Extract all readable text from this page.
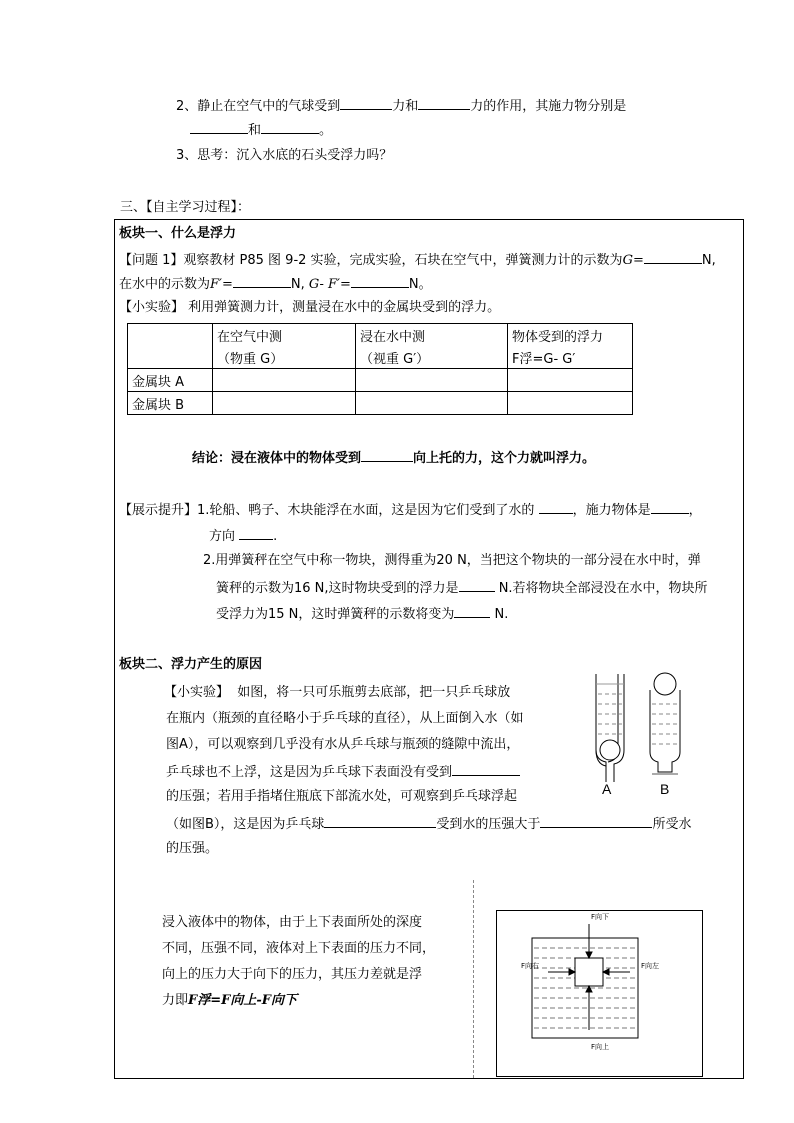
2、静止在空气中的气球受到	力和	力的作用，其施力物分别是
和	。
3、思考：沉入水底的石头受浮力吗？
三、【自主学习过程】：
板块一、什么是浮力
【问题 1】观察教材 P85 图 9-2 实验，完成实验，石块在空气中，弹簧测力计的示数为G=	N,
在水中的示数为F′=	N, G- F′=	N。
【小实验】 利用弹簧测力计，测量浸在水中的金属块受到的浮力。
	在空气中测	浸在水中测	物体受到的浮力
	（物重 G）	（视重 G′）	F浮=G- G′
金属块 A			
金属块 B			
结论：浸在液体中的物体受到	向上托的力，这个力就叫浮力。
【展示提升】1.轮船、鸭子、木块能浮在水面，这是因为它们受到了水的	，施力物体是	，
方向	.
2.用弹簧秤在空气中称一物块，测得重为20 N，当把这个物块的一部分浸在水中时，弹
簧秤的示数为16 N,这时物块受到的浮力是	N.若将物块全部浸没在水中，物块所
受浮力为15 N，这时弹簧秤的示数将变为	N.
板块二、浮力产生的原因
【小实验】 如图，将一只可乐瓶剪去底部，把一只乒乓球放
在瓶内（瓶颈的直径略小于乒乓球的直径），从上面倒入水（如
图A），可以观察到几乎没有水从乒乓球与瓶颈的缝隙中流出，
乒乓球也不上浮，这是因为乒乓球下表面没有受到
的压强；若用手指堵住瓶底下部流水处，可观察到乒乓球浮起
（如图B），这是因为乒乓球	受到水的压强大于	所受水
的压强。
A	B
浸入液体中的物体，由于上下表面所处的深度
不同，压强不同，液体对上下表面的压力不同，
向上的压力大于向下的压力，其压力差就是浮
力即F浮=F向上-F向下
F向下
F向右	F向左
F向上
